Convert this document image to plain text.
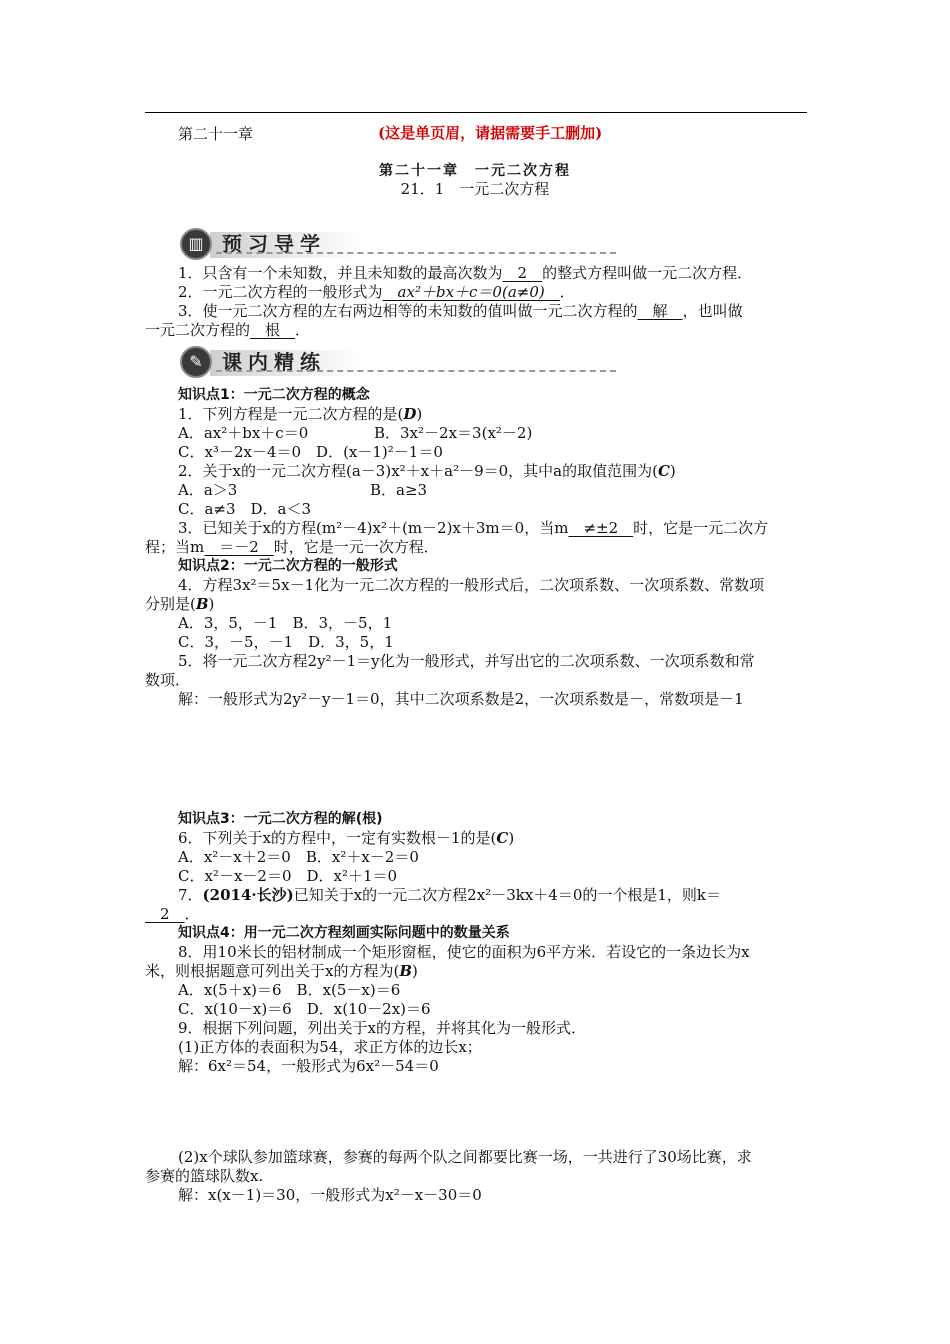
第二十一章	(这是单页眉，请据需要手工删加)
第二十一章　一元二次方程
21．1　一元二次方程
▥ 预习导学
1．只含有一个未知数，并且未知数的最高次数为　2　的整式方程叫做一元二次方程．
2．一元二次方程的一般形式为　ax²＋bx＋c＝0(a≠0)　．
3．使一元二次方程的左右两边相等的未知数的值叫做一元二次方程的　解　，也叫做
一元二次方程的　根　．
✎ 课内精练
知识点1：一元二次方程的概念
1．下列方程是一元二次方程的是(D)
A．ax²＋bx＋c＝0	B．3x²－2x＝3(x²－2)
C．x³－2x－4＝0　D．(x－1)²－1＝0
2．关于x的一元二次方程(a－3)x²＋x＋a²－9＝0，其中a的取值范围为(C)
A．a＞3	B．a≥3
C．a≠3　D．a＜3
3．已知关于x的方程(m²－4)x²＋(m－2)x＋3m＝0，当m　≠±2　时，它是一元二次方
程；当m　＝－2　时，它是一元一次方程．
知识点2：一元二次方程的一般形式
4．方程3x²＝5x－1化为一元二次方程的一般形式后，二次项系数、一次项系数、常数项
分别是(B)
A．3，5，－1　B．3，－5，1
C．3，－5，－1　D．3，5，1
5．将一元二次方程2y²－1＝y化为一般形式，并写出它的二次项系数、一次项系数和常
数项．
解：一般形式为2y²－y－1＝0，其中二次项系数是2，一次项系数是－，常数项是－1
知识点3：一元二次方程的解(根)
6．下列关于x的方程中，一定有实数根－1的是(C)
A．x²－x＋2＝0　B．x²＋x－2＝0
C．x²－x－2＝0　D．x²＋1＝0
7．(2014·长沙)已知关于x的一元二次方程2x²－3kx＋4＝0的一个根是1，则k＝
　2　．
知识点4：用一元二次方程刻画实际问题中的数量关系
8．用10米长的铝材制成一个矩形窗框，使它的面积为6平方米．若设它的一条边长为x
米，则根据题意可列出关于x的方程为(B)
A．x(5＋x)＝6　B．x(5－x)＝6
C．x(10－x)＝6　D．x(10－2x)＝6
9．根据下列问题，列出关于x的方程，并将其化为一般形式．
(1)正方体的表面积为54，求正方体的边长x；
解：6x²＝54，一般形式为6x²－54＝0
(2)x个球队参加篮球赛，参赛的每两个队之间都要比赛一场，一共进行了30场比赛，求
参赛的篮球队数x.
解：x(x－1)＝30，一般形式为x²－x－30＝0
